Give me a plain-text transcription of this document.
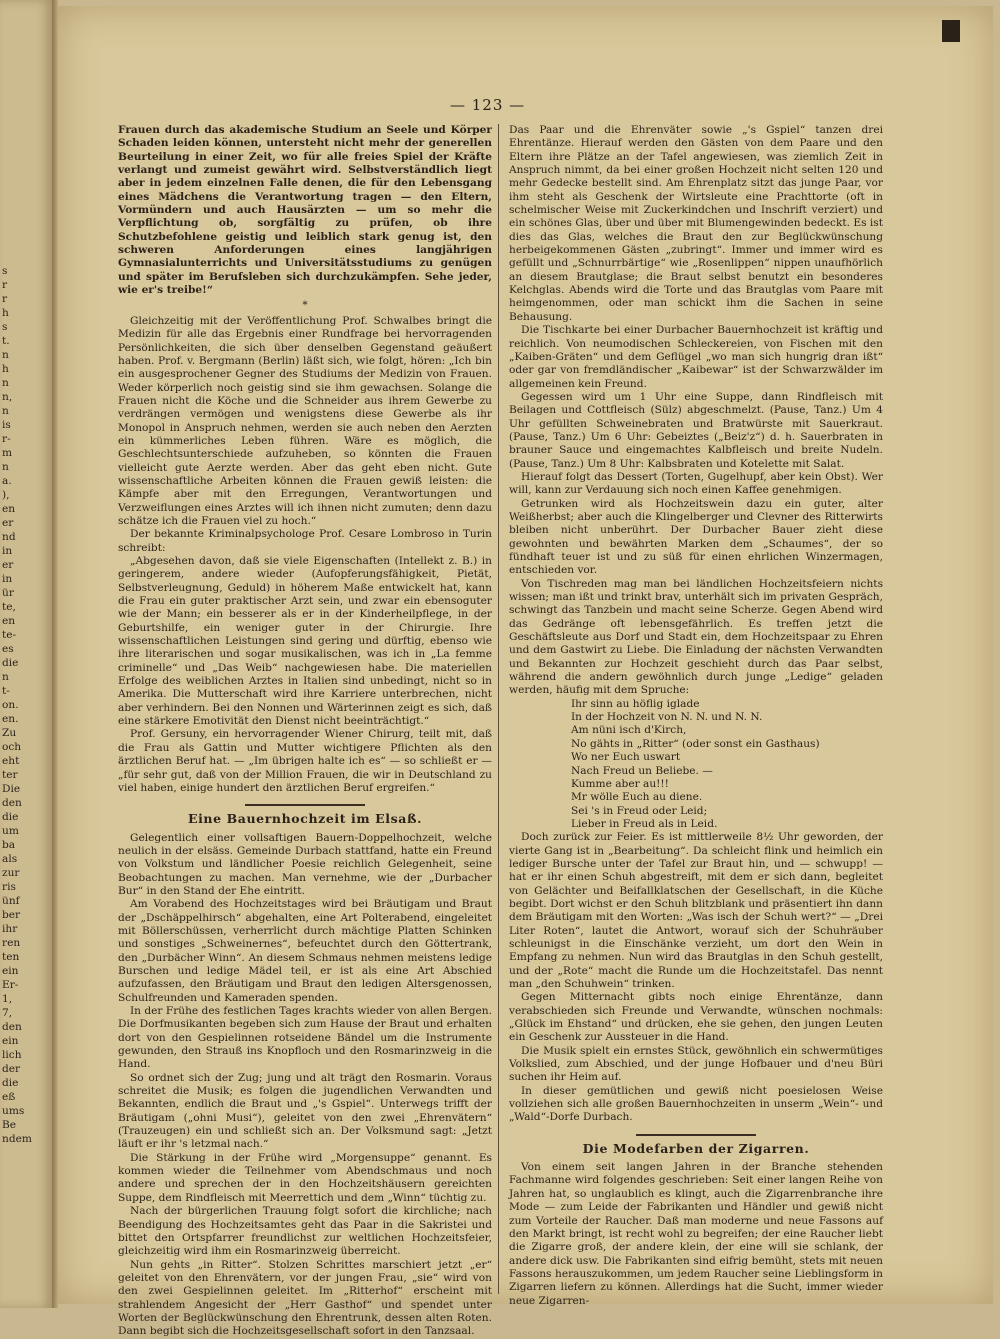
s
r
r
h
s
t.
n
h
n
n,
n
is
r-
m
n
a.
),
en
er
nd
in
er
in
ür
te,
en
te-
es
die
n
t-
on.
en.
Zu
och
eht
ter
Die
den
die
um
ba
als
zur
ris
ünf
ber
ihr
ren
ten
ein
Er-
1,
7,
den
ein
lich
der
die
eß
ums
Be
ndem
— 123 —

Frauen durch das akademische Studium an Seele und Körper Schaden leiden können, untersteht nicht mehr der generellen Beurteilung in einer Zeit, wo für alle freies Spiel der Kräfte verlangt und zumeist gewährt wird. Selbstverständlich liegt aber in jedem einzelnen Falle denen, die für den Lebensgang eines Mädchens die Verantwortung tragen — den Eltern, Vormündern und auch Hausärzten — um so mehr die Verpflichtung ob, sorgfältig zu prüfen, ob ihre Schutzbefohlene geistig und leiblich stark genug ist, den schweren Anforderungen eines langjährigen Gymnasialunterrichts und Universitätsstudiums zu genügen und später im Berufsleben sich durchzukämpfen. Sehe jeder, wie er's treibe!“

*

Gleichzeitig mit der Veröffentlichung Prof. Schwalbes bringt die Medizin für alle das Ergebnis einer Rundfrage bei hervorragenden Persönlichkeiten, die sich über denselben Gegenstand geäußert haben. Prof. v. Bergmann (Berlin) läßt sich, wie folgt, hören: „Ich bin ein ausgesprochener Gegner des Studiums der Medizin von Frauen. Weder körperlich noch geistig sind sie ihm gewachsen. Solange die Frauen nicht die Köche und die Schneider aus ihrem Gewerbe zu verdrängen vermögen und wenigstens diese Gewerbe als ihr Monopol in Anspruch nehmen, werden sie auch neben den Aerzten ein kümmerliches Leben führen. Wäre es möglich, die Geschlechtsunterschiede aufzuheben, so könnten die Frauen vielleicht gute Aerzte werden. Aber das geht eben nicht. Gute wissenschaftliche Arbeiten können die Frauen gewiß leisten: die Kämpfe aber mit den Erregungen, Verantwortungen und Verzweiflungen eines Arztes will ich ihnen nicht zumuten; denn dazu schätze ich die Frauen viel zu hoch.“

Der bekannte Kriminalpsychologe Prof. Cesare Lombroso in Turin schreibt:

„Abgesehen davon, daß sie viele Eigenschaften (Intellekt z. B.) in geringerem, andere wieder (Aufopferungsfähigkeit, Pietät, Selbstverleugnung, Geduld) in höherem Maße entwickelt hat, kann die Frau ein guter praktischer Arzt sein, und zwar ein ebensoguter wie der Mann; ein besserer als er in der Kinderheilpflege, in der Geburtshilfe, ein weniger guter in der Chirurgie. Ihre wissenschaftlichen Leistungen sind gering und dürftig, ebenso wie ihre literarischen und sogar musikalischen, was ich in „La femme criminelle“ und „Das Weib“ nachgewiesen habe. Die materiellen Erfolge des weiblichen Arztes in Italien sind unbedingt, nicht so in Amerika. Die Mutterschaft wird ihre Karriere unterbrechen, nicht aber verhindern. Bei den Nonnen und Wärterinnen zeigt es sich, daß eine stärkere Emotivität den Dienst nicht beeinträchtigt.“

Prof. Gersuny, ein hervorragender Wiener Chirurg, teilt mit, daß die Frau als Gattin und Mutter wichtigere Pflichten als den ärztlichen Beruf hat. — „Im übrigen halte ich es“ — so schließt er — „für sehr gut, daß von der Million Frauen, die wir in Deutschland zu viel haben, einige hundert den ärztlichen Beruf ergreifen.“

Eine Bauernhochzeit im Elsaß.

Gelegentlich einer vollsaftigen Bauern-Doppelhochzeit, welche neulich in der elsäss. Gemeinde Durbach stattfand, hatte ein Freund von Volkstum und ländlicher Poesie reichlich Gelegenheit, seine Beobachtungen zu machen. Man vernehme, wie der „Durbacher Bur“ in den Stand der Ehe eintritt.

Am Vorabend des Hochzeitstages wird bei Bräutigam und Braut der „Dschäppelhirsch“ abgehalten, eine Art Polterabend, eingeleitet mit Böllerschüssen, verherrlicht durch mächtige Platten Schinken und sonstiges „Schweinernes“, befeuchtet durch den Göttertrank, den „Durbächer Winn“. An diesem Schmaus nehmen meistens ledige Burschen und ledige Mädel teil, er ist als eine Art Abschied aufzufassen, den Bräutigam und Braut den ledigen Altersgenossen, Schulfreunden und Kameraden spenden.

In der Frühe des festlichen Tages krachts wieder von allen Bergen. Die Dorfmusikanten begeben sich zum Hause der Braut und erhalten dort von den Gespielinnen rotseidene Bändel um die Instrumente gewunden, den Strauß ins Knopfloch und den Rosmarinzweig in die Hand.

So ordnet sich der Zug; jung und alt trägt den Rosmarin. Voraus schreitet die Musik; es folgen die jugendlichen Verwandten und Bekannten, endlich die Braut und „'s Gspiel“. Unterwegs trifft der Bräutigam („ohni Musi“), geleitet von den zwei „Ehrenvätern“ (Trauzeugen) ein und schließt sich an. Der Volksmund sagt: „Jetzt läuft er ihr 's letzmal nach.“

Die Stärkung in der Frühe wird „Morgensuppe“ genannt. Es kommen wieder die Teilnehmer vom Abendschmaus und noch andere und sprechen der in den Hochzeitshäusern gereichten Suppe, dem Rindfleisch mit Meerrettich und dem „Winn“ tüchtig zu.

Nach der bürgerlichen Trauung folgt sofort die kirchliche; nach Beendigung des Hochzeitsamtes geht das Paar in die Sakristei und bittet den Ortspfarrer freundlichst zur weltlichen Hochzeitsfeier, gleichzeitig wird ihm ein Rosmarinzweig überreicht.

Nun gehts „in Ritter“. Stolzen Schrittes marschiert jetzt „er“ geleitet von den Ehrenvätern, vor der jungen Frau, „sie“ wird von den zwei Gespielinnen geleitet. Im „Ritterhof“ erscheint mit strahlendem Angesicht der „Herr Gasthof“ und spendet unter Worten der Beglückwünschung den Ehrentrunk, dessen alten Roten. Dann begibt sich die Hochzeitsgesellschaft sofort in den Tanzsaal.

Das Paar und die Ehrenväter sowie „'s Gspiel“ tanzen drei Ehrentänze. Hierauf werden den Gästen von dem Paare und den Eltern ihre Plätze an der Tafel angewiesen, was ziemlich Zeit in Anspruch nimmt, da bei einer großen Hochzeit nicht selten 120 und mehr Gedecke bestellt sind. Am Ehrenplatz sitzt das junge Paar, vor ihm steht als Geschenk der Wirtsleute eine Prachttorte (oft in schelmischer Weise mit Zuckerkindchen und Inschrift verziert) und ein schönes Glas, über und über mit Blumengewinden bedeckt. Es ist dies das Glas, welches die Braut den zur Beglückwünschung herbeigekommenen Gästen „zubringt“. Immer und immer wird es gefüllt und „Schnurrbärtige“ wie „Rosenlippen“ nippen unaufhörlich an diesem Brautglase; die Braut selbst benutzt ein besonderes Kelchglas. Abends wird die Torte und das Brautglas vom Paare mit heimgenommen, oder man schickt ihm die Sachen in seine Behausung.

Die Tischkarte bei einer Durbacher Bauernhochzeit ist kräftig und reichlich. Von neumodischen Schleckereien, von Fischen mit den „Kaiben-Gräten“ und dem Geflügel „wo man sich hungrig dran ißt“ oder gar von fremdländischer „Kaibewar“ ist der Schwarzwälder im allgemeinen kein Freund.

Gegessen wird um 1 Uhr eine Suppe, dann Rindfleisch mit Beilagen und Cottfleisch (Sülz) abgeschmelzt. (Pause, Tanz.) Um 4 Uhr gefüllten Schweinebraten und Bratwürste mit Sauerkraut. (Pause, Tanz.) Um 6 Uhr: Gebeiztes („Beiz'z“) d. h. Sauerbraten in brauner Sauce und eingemachtes Kalbfleisch und breite Nudeln. (Pause, Tanz.) Um 8 Uhr: Kalbsbraten und Kotelette mit Salat.

Hierauf folgt das Dessert (Torten, Gugelhupf, aber kein Obst). Wer will, kann zur Verdauung sich noch einen Kaffee genehmigen.

Getrunken wird als Hochzeitswein dazu ein guter, alter Weißherbst; aber auch die Klingelberger und Clevner des Ritterwirts bleiben nicht unberührt. Der Durbacher Bauer zieht diese gewohnten und bewährten Marken dem „Schaumes“, der so fündhaft teuer ist und zu süß für einen ehrlichen Winzermagen, entschieden vor.

Von Tischreden mag man bei ländlichen Hochzeitsfeiern nichts wissen; man ißt und trinkt brav, unterhält sich im privaten Gespräch, schwingt das Tanzbein und macht seine Scherze. Gegen Abend wird das Gedränge oft lebensgefährlich. Es treffen jetzt die Geschäftsleute aus Dorf und Stadt ein, dem Hochzeitspaar zu Ehren und dem Gastwirt zu Liebe. Die Einladung der nächsten Verwandten und Bekannten zur Hochzeit geschieht durch das Paar selbst, während die andern gewöhnlich durch junge „Ledige“ geladen werden, häufig mit dem Spruche:

Ihr sinn au höflig iglade

In der Hochzeit von N. N. und N. N.

Am nüni isch d'Kirch,

No gähts in „Ritter“ (oder sonst ein Gasthaus)

Wo ner Euch uswart

Nach Freud un Beliebe. —

Kumme aber au!!!

Mr wölle Euch au diene.

Sei 's in Freud oder Leid;

Lieber in Freud als in Leid.

Doch zurück zur Feier. Es ist mittlerweile 8½ Uhr geworden, der vierte Gang ist in „Bearbeitung“. Da schleicht flink und heimlich ein lediger Bursche unter der Tafel zur Braut hin, und — schwupp! — hat er ihr einen Schuh abgestreift, mit dem er sich dann, begleitet von Gelächter und Beifallklatschen der Gesellschaft, in die Küche begibt. Dort wichst er den Schuh blitzblank und präsentiert ihn dann dem Bräutigam mit den Worten: „Was isch der Schuh wert?“ — „Drei Liter Roten“, lautet die Antwort, worauf sich der Schuhräuber schleunigst in die Einschänke verzieht, um dort den Wein in Empfang zu nehmen. Nun wird das Brautglas in den Schuh gestellt, und der „Rote“ macht die Runde um die Hochzeitstafel. Das nennt man „den Schuhwein“ trinken.

Gegen Mitternacht gibts noch einige Ehrentänze, dann verabschieden sich Freunde und Verwandte, wünschen nochmals: „Glück im Ehstand“ und drücken, ehe sie gehen, den jungen Leuten ein Geschenk zur Aussteuer in die Hand.

Die Musik spielt ein ernstes Stück, gewöhnlich ein schwermütiges Volkslied, zum Abschied, und der junge Hofbauer und d'neu Büri suchen ihr Heim auf.

In dieser gemütlichen und gewiß nicht poesielosen Weise vollziehen sich alle großen Bauernhochzeiten in unserm „Wein“- und „Wald“-Dorfe Durbach.

Die Modefarben der Zigarren.

Von einem seit langen Jahren in der Branche stehenden Fachmanne wird folgendes geschrieben: Seit einer langen Reihe von Jahren hat, so unglaublich es klingt, auch die Zigarrenbranche ihre Mode — zum Leide der Fabrikanten und Händler und gewiß nicht zum Vorteile der Raucher. Daß man moderne und neue Fassons auf den Markt bringt, ist recht wohl zu begreifen; der eine Raucher liebt die Zigarre groß, der andere klein, der eine will sie schlank, der andere dick usw. Die Fabrikanten sind eifrig bemüht, stets mit neuen Fassons herauszukommen, um jedem Raucher seine Lieblingsform in Zigarren liefern zu können. Allerdings hat die Sucht, immer wieder neue Zigarren-
